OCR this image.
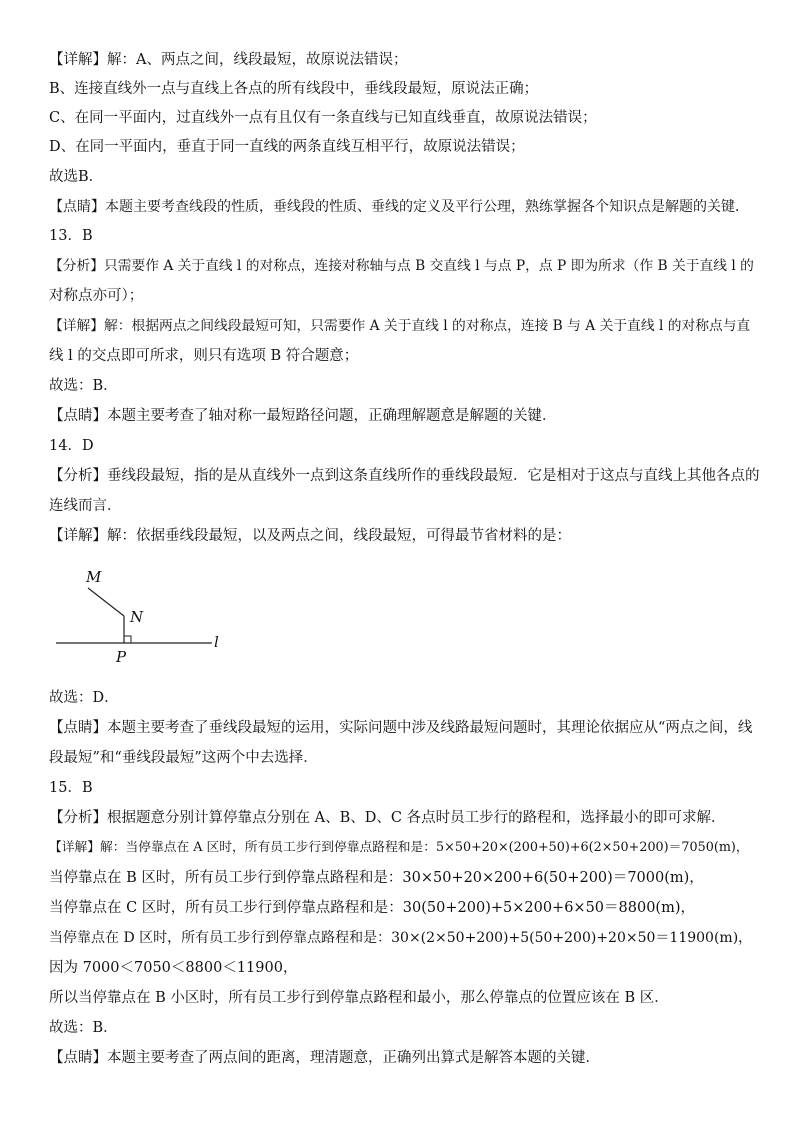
【详解】解：A、两点之间，线段最短，故原说法错误；
B、连接直线外一点与直线上各点的所有线段中，垂线段最短，原说法正确；
C、在同一平面内，过直线外一点有且仅有一条直线与已知直线垂直，故原说法错误；
D、在同一平面内，垂直于同一直线的两条直线互相平行，故原说法错误；
故选B．
【点睛】本题主要考查线段的性质，垂线段的性质、垂线的定义及平行公理，熟练掌握各个知识点是解题的关键．
13．B
【分析】只需要作 A 关于直线 l 的对称点，连接对称轴与点 B 交直线 l 与点 P，点 P 即为所求（作 B 关于直线 l 的
对称点亦可）；
【详解】解：根据两点之间线段最短可知，只需要作 A 关于直线 l 的对称点，连接 B 与 A 关于直线 l 的对称点与直
线 l 的交点即可所求，则只有选项 B 符合题意；
故选：B．
【点睛】本题主要考查了轴对称一最短路径问题，正确理解题意是解题的关键．
14．D
【分析】垂线段最短，指的是从直线外一点到这条直线所作的垂线段最短．它是相对于这点与直线上其他各点的
连线而言．
【详解】解：依据垂线段最短，以及两点之间，线段最短，可得最节省材料的是：
M
N
P
l
故选：D．
【点睛】本题主要考查了垂线段最短的运用，实际问题中涉及线路最短问题时，其理论依据应从“两点之间，线
段最短”和“垂线段最短”这两个中去选择．
15．B
【分析】根据题意分别计算停靠点分别在 A、B、D、C 各点时员工步行的路程和，选择最小的即可求解．
【详解】解：当停靠点在 A 区时，所有员工步行到停靠点路程和是：5×50+20×(200+50)+6(2×50+200)＝7050(m)，
当停靠点在 B 区时，所有员工步行到停靠点路程和是：30×50+20×200+6(50+200)＝7000(m)，
当停靠点在 C 区时，所有员工步行到停靠点路程和是：30(50+200)+5×200+6×50＝8800(m)，
当停靠点在 D 区时，所有员工步行到停靠点路程和是：30×(2×50+200)+5(50+200)+20×50＝11900(m)，
因为 7000＜7050＜8800＜11900，
所以当停靠点在 B 小区时，所有员工步行到停靠点路程和最小，那么停靠点的位置应该在 B 区．
故选：B．
【点睛】本题主要考查了两点间的距离，理清题意，正确列出算式是解答本题的关键．
